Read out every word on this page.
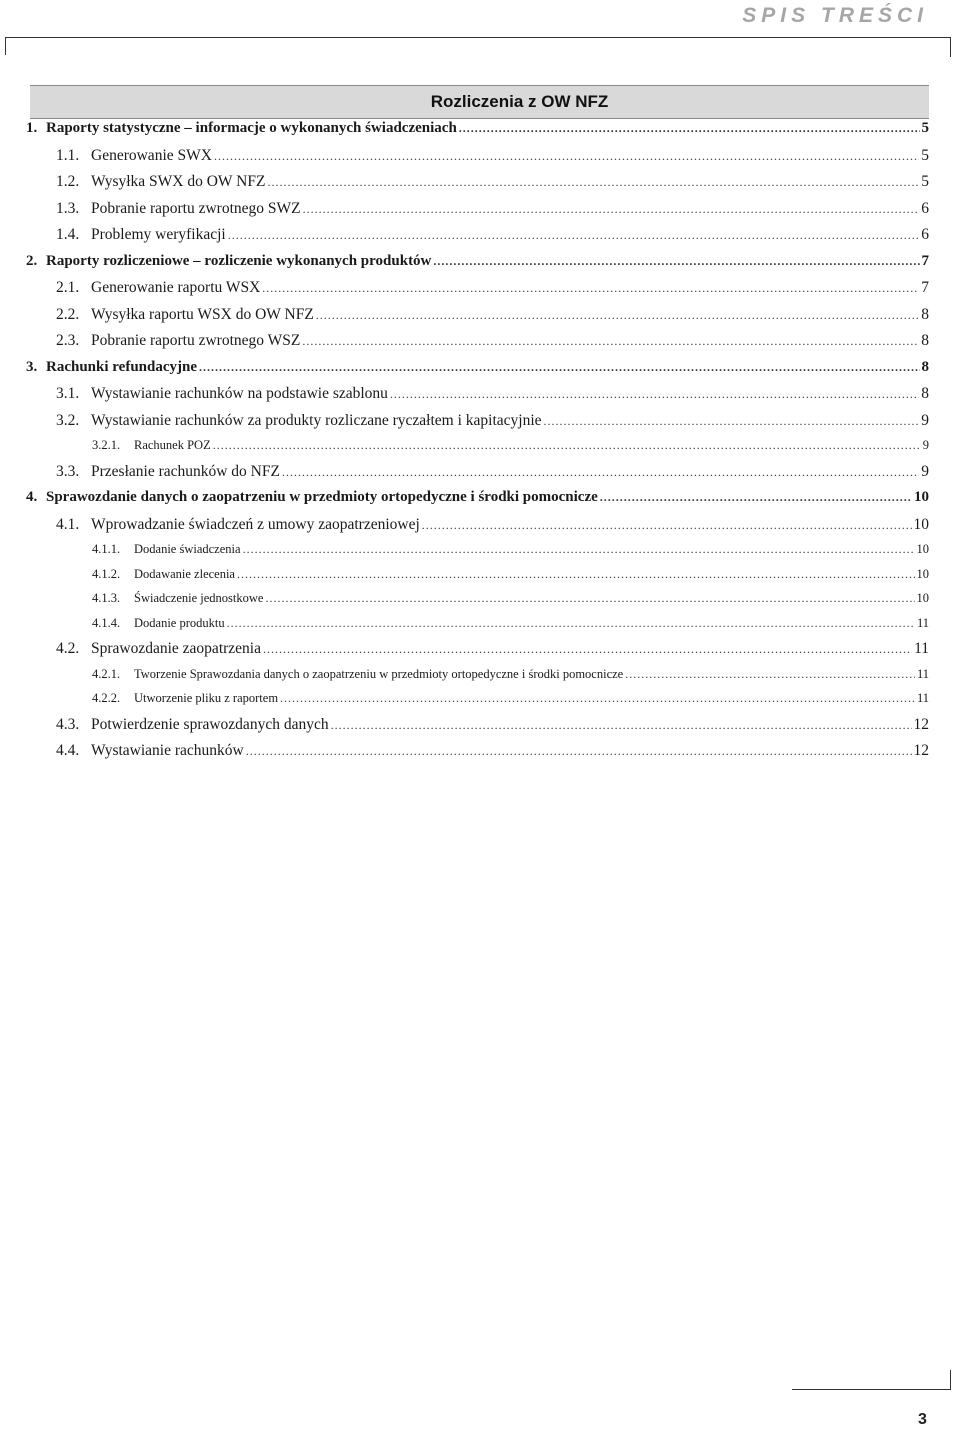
SPIS TREŚCI
Rozliczenia z OW NFZ
1. Raporty statystyczne – informacje o wykonanych świadczeniach .....	5
1.1. Generowanie SWX .....	5
1.2. Wysyłka SWX do OW NFZ .....	5
1.3. Pobranie raportu zwrotnego SWZ .....	6
1.4. Problemy weryfikacji .....	6
2. Raporty rozliczeniowe – rozliczenie wykonanych produktów .....	7
2.1. Generowanie raportu WSX .....	7
2.2. Wysyłka raportu WSX do OW NFZ .....	8
2.3. Pobranie raportu zwrotnego WSZ .....	8
3. Rachunki refundacyjne .....	8
3.1. Wystawianie rachunków na podstawie szablonu .....	8
3.2. Wystawianie rachunków za produkty rozliczane ryczałtem i kapitacyjnie .....	9
3.2.1. Rachunek POZ .....	9
3.3. Przesłanie rachunków do NFZ .....	9
4. Sprawozdanie danych o zaopatrzeniu w przedmioty ortopedyczne i środki pomocnicze .....	10
4.1. Wprowadzanie świadczeń z umowy zaopatrzeniowej .....	10
4.1.1. Dodanie świadczenia .....	10
4.1.2. Dodawanie zlecenia .....	10
4.1.3. Świadczenie jednostkowe .....	10
4.1.4. Dodanie produktu .....	11
4.2. Sprawozdanie zaopatrzenia .....	11
4.2.1. Tworzenie Sprawozdania danych o zaopatrzeniu w przedmioty ortopedyczne i środki pomocnicze .....	11
4.2.2. Utworzenie pliku z raportem .....	11
4.3. Potwierdzenie sprawozdanych danych .....	12
4.4. Wystawianie rachunków .....	12
3
